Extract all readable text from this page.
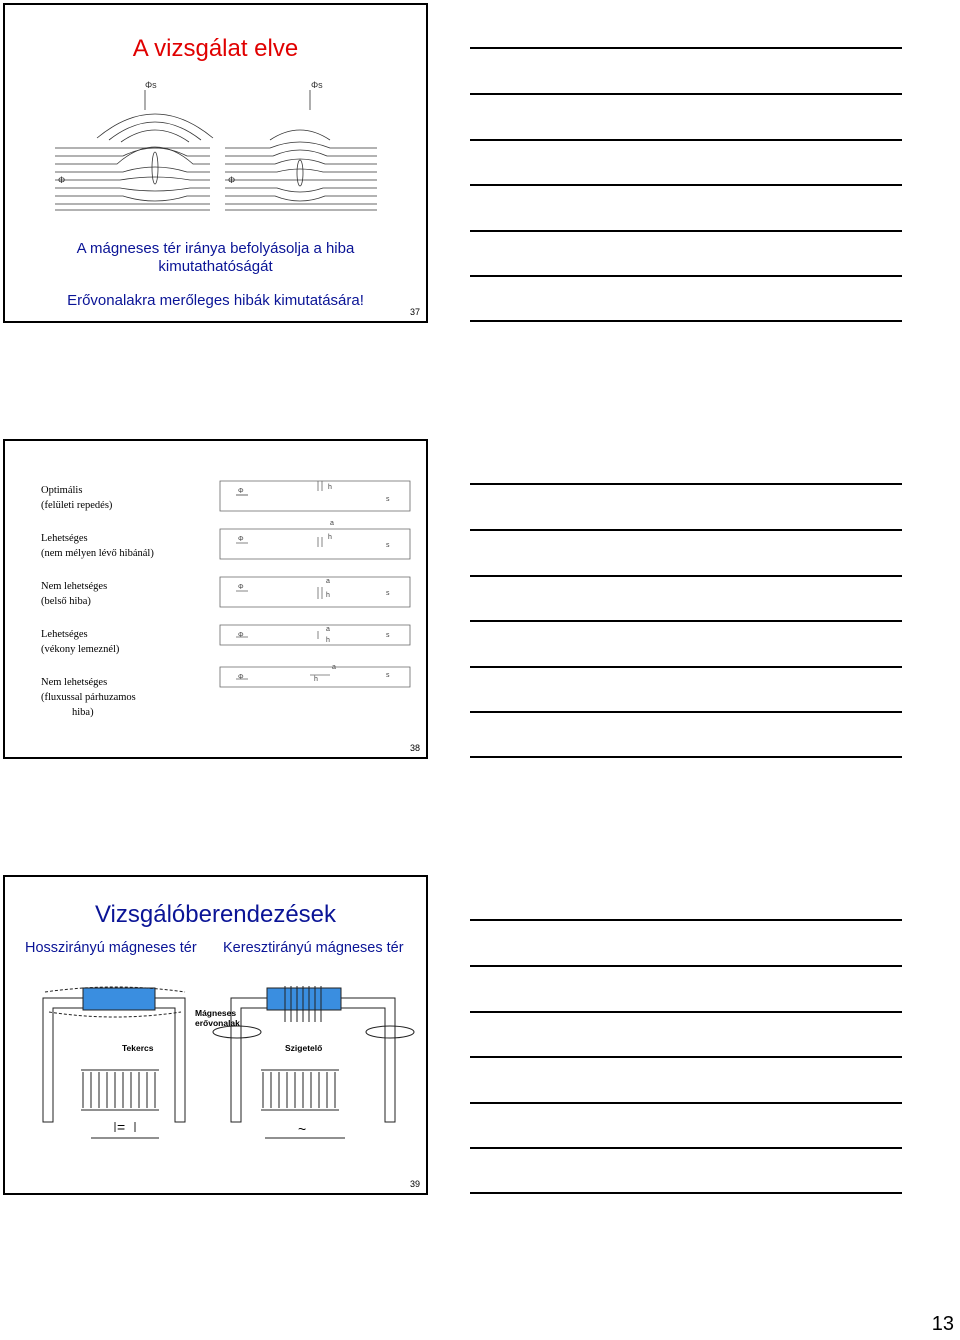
A vizsgálat elve
Φs	Φs
Φ	Φ
A mágneses tér iránya befolyásolja a hiba
kimutathatóságát
Erővonalakra merőleges hibák kimutatására!
37
Optimális
(felületi repedés)
Lehetséges
(nem mélyen lévő hibánál)
Nem lehetséges
(belső hiba)
Lehetséges
(vékony lemeznél)
Nem lehetséges
(fluxussal párhuzamos
hiba)
Φ
h
s
Φ
a
h
s
Φ
a
h	s
Φ
a
h
s
Φ
a
h
s
38
Vizsgálóberendezések
Hosszirányú mágneses tér Keresztirányú mágneses tér
Tekercs
Mágneses
erővonalak
Szigetelő
=	~
39
13
